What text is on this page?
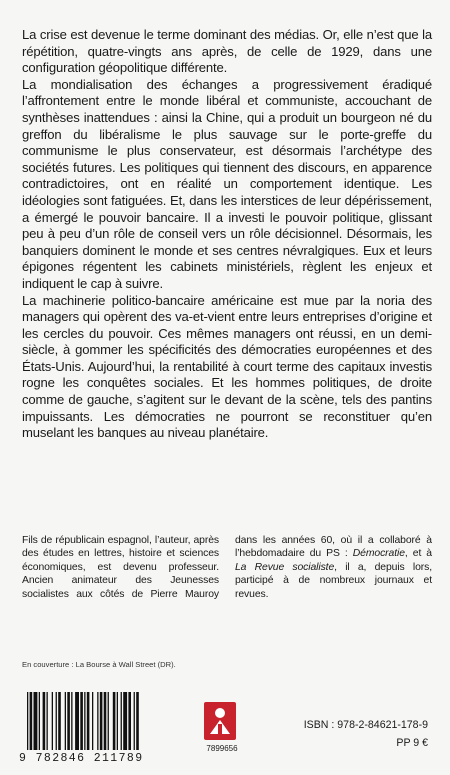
La crise est devenue le terme dominant des médias. Or, elle n’est que la répétition, quatre-vingts ans après, de celle de 1929, dans une configuration géopolitique différente.

La mondialisation des échanges a progressivement éradiqué l’affrontement entre le monde libéral et communiste, accouchant de synthèses inattendues : ainsi la Chine, qui a produit un bourgeon né du greffon du libéralisme le plus sauvage sur le porte-greffe du communisme le plus conservateur, est désormais l’archétype des sociétés futures. Les politiques qui tiennent des discours, en apparence contradictoires, ont en réalité un comportement identique. Les idéologies sont fatiguées. Et, dans les interstices de leur dépérissement, a émergé le pouvoir bancaire. Il a investi le pouvoir politique, glissant peu à peu d’un rôle de conseil vers un rôle décisionnel. Désormais, les banquiers dominent le monde et ses centres névralgiques. Eux et leurs épigones régentent les cabinets ministériels, règlent les enjeux et indiquent le cap à suivre.

La machinerie politico-bancaire américaine est mue par la noria des managers qui opèrent des va-et-vient entre leurs entreprises d’origine et les cercles du pouvoir. Ces mêmes managers ont réussi, en un demi-siècle, à gommer les spécificités des démocraties européennes et des États-Unis. Aujourd’hui, la rentabilité à court terme des capitaux investis rogne les conquêtes sociales. Et les hommes politiques, de droite comme de gauche, s’agitent sur le devant de la scène, tels des pantins impuissants. Les démocraties ne pourront se reconstituer qu’en muselant les banques au niveau planétaire.

Fils de républicain espagnol, l’auteur, après des études en lettres, histoire et sciences économiques, est devenu professeur. Ancien animateur des Jeunesses socialistes aux côtés de Pierre Mauroy dans les années 60, où il a collaboré à l’hebdomadaire du PS : Démocratie, et à La Revue socialiste, il a, depuis lors, participé à de nombreux journaux et revues.
En couverture : La Bourse à Wall Street (DR).
9 782846 211789
7899656
ISBN : 978-2-84621-178-9
PP 9 €
